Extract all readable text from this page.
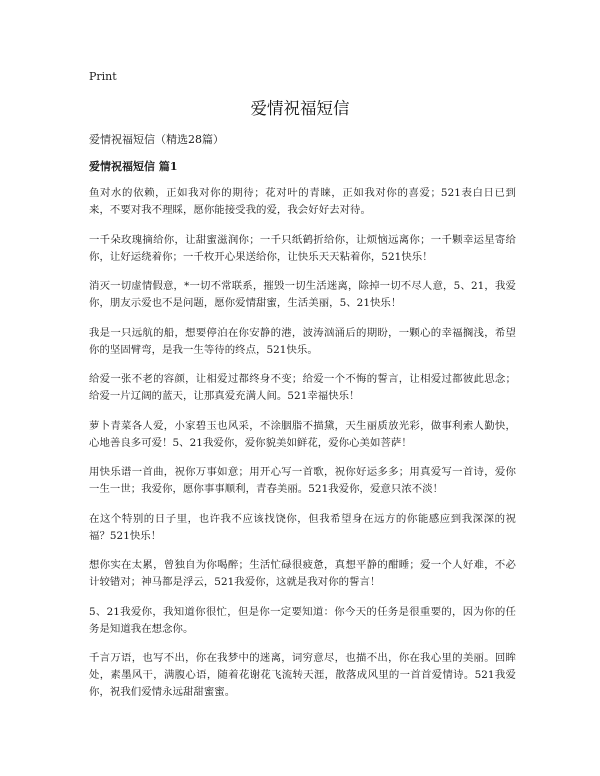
Print
爱情祝福短信
爱情祝福短信（精选28篇）
爱情祝福短信 篇1

鱼对水的依赖，正如我对你的期待；花对叶的青睐，正如我对你的喜爱；521表白日已到来，不要对我不理睬，愿你能接受我的爱，我会好好去对待。

一千朵玫瑰摘给你，让甜蜜滋润你；一千只纸鹤折给你，让烦恼远离你；一千颗幸运星寄给你，让好运绕着你；一千枚开心果送给你，让快乐天天粘着你，521快乐！

消灭一切虚情假意，*一切不常联系，摧毁一切生活迷离，除掉一切不尽人意，5、21，我爱你，朋友示爱也不是问题，愿你爱情甜蜜，生活美丽，5、21快乐！

我是一只远航的船，想要停泊在你安静的港，波涛汹涌后的期盼，一颗心的幸福搁浅，希望你的坚固臂弯，是我一生等待的终点，521快乐。

给爱一张不老的容颜，让相爱过都终身不变；给爱一个不悔的誓言，让相爱过都彼此思念；给爱一片辽阔的蓝天，让那真爱充满人间。521幸福快乐！

萝卜青菜各人爱，小家碧玉也风采，不涂胭脂不描黛，天生丽质放光彩，做事利索人勤快，心地善良多可爱！5、21我爱你，爱你貌美如鲜花，爱你心美如菩萨！

用快乐谱一首曲，祝你万事如意；用开心写一首歌，祝你好运多多；用真爱写一首诗，爱你一生一世；我爱你，愿你事事顺利，青春美丽。521我爱你，爱意只浓不淡！

在这个特别的日子里，也许我不应该找饶你，但我希望身在远方的你能感应到我深深的祝福？521快乐！

想你实在太累，曾独自为你喝醉；生活忙碌很疲惫，真想平静的酣睡；爱一个人好难，不必计较错对；神马都是浮云，521我爱你，这就是我对你的誓言！

5、21我爱你，我知道你很忙，但是你一定要知道：你今天的任务是很重要的，因为你的任务是知道我在想念你。

千言万语，也写不出，你在我梦中的迷离，词穷意尽，也描不出，你在我心里的美丽。回眸处，素墨风干，满腹心语，随着花谢花飞流转天涯，散落成风里的一首首爱情诗。521我爱你，祝我们爱情永远甜甜蜜蜜。
